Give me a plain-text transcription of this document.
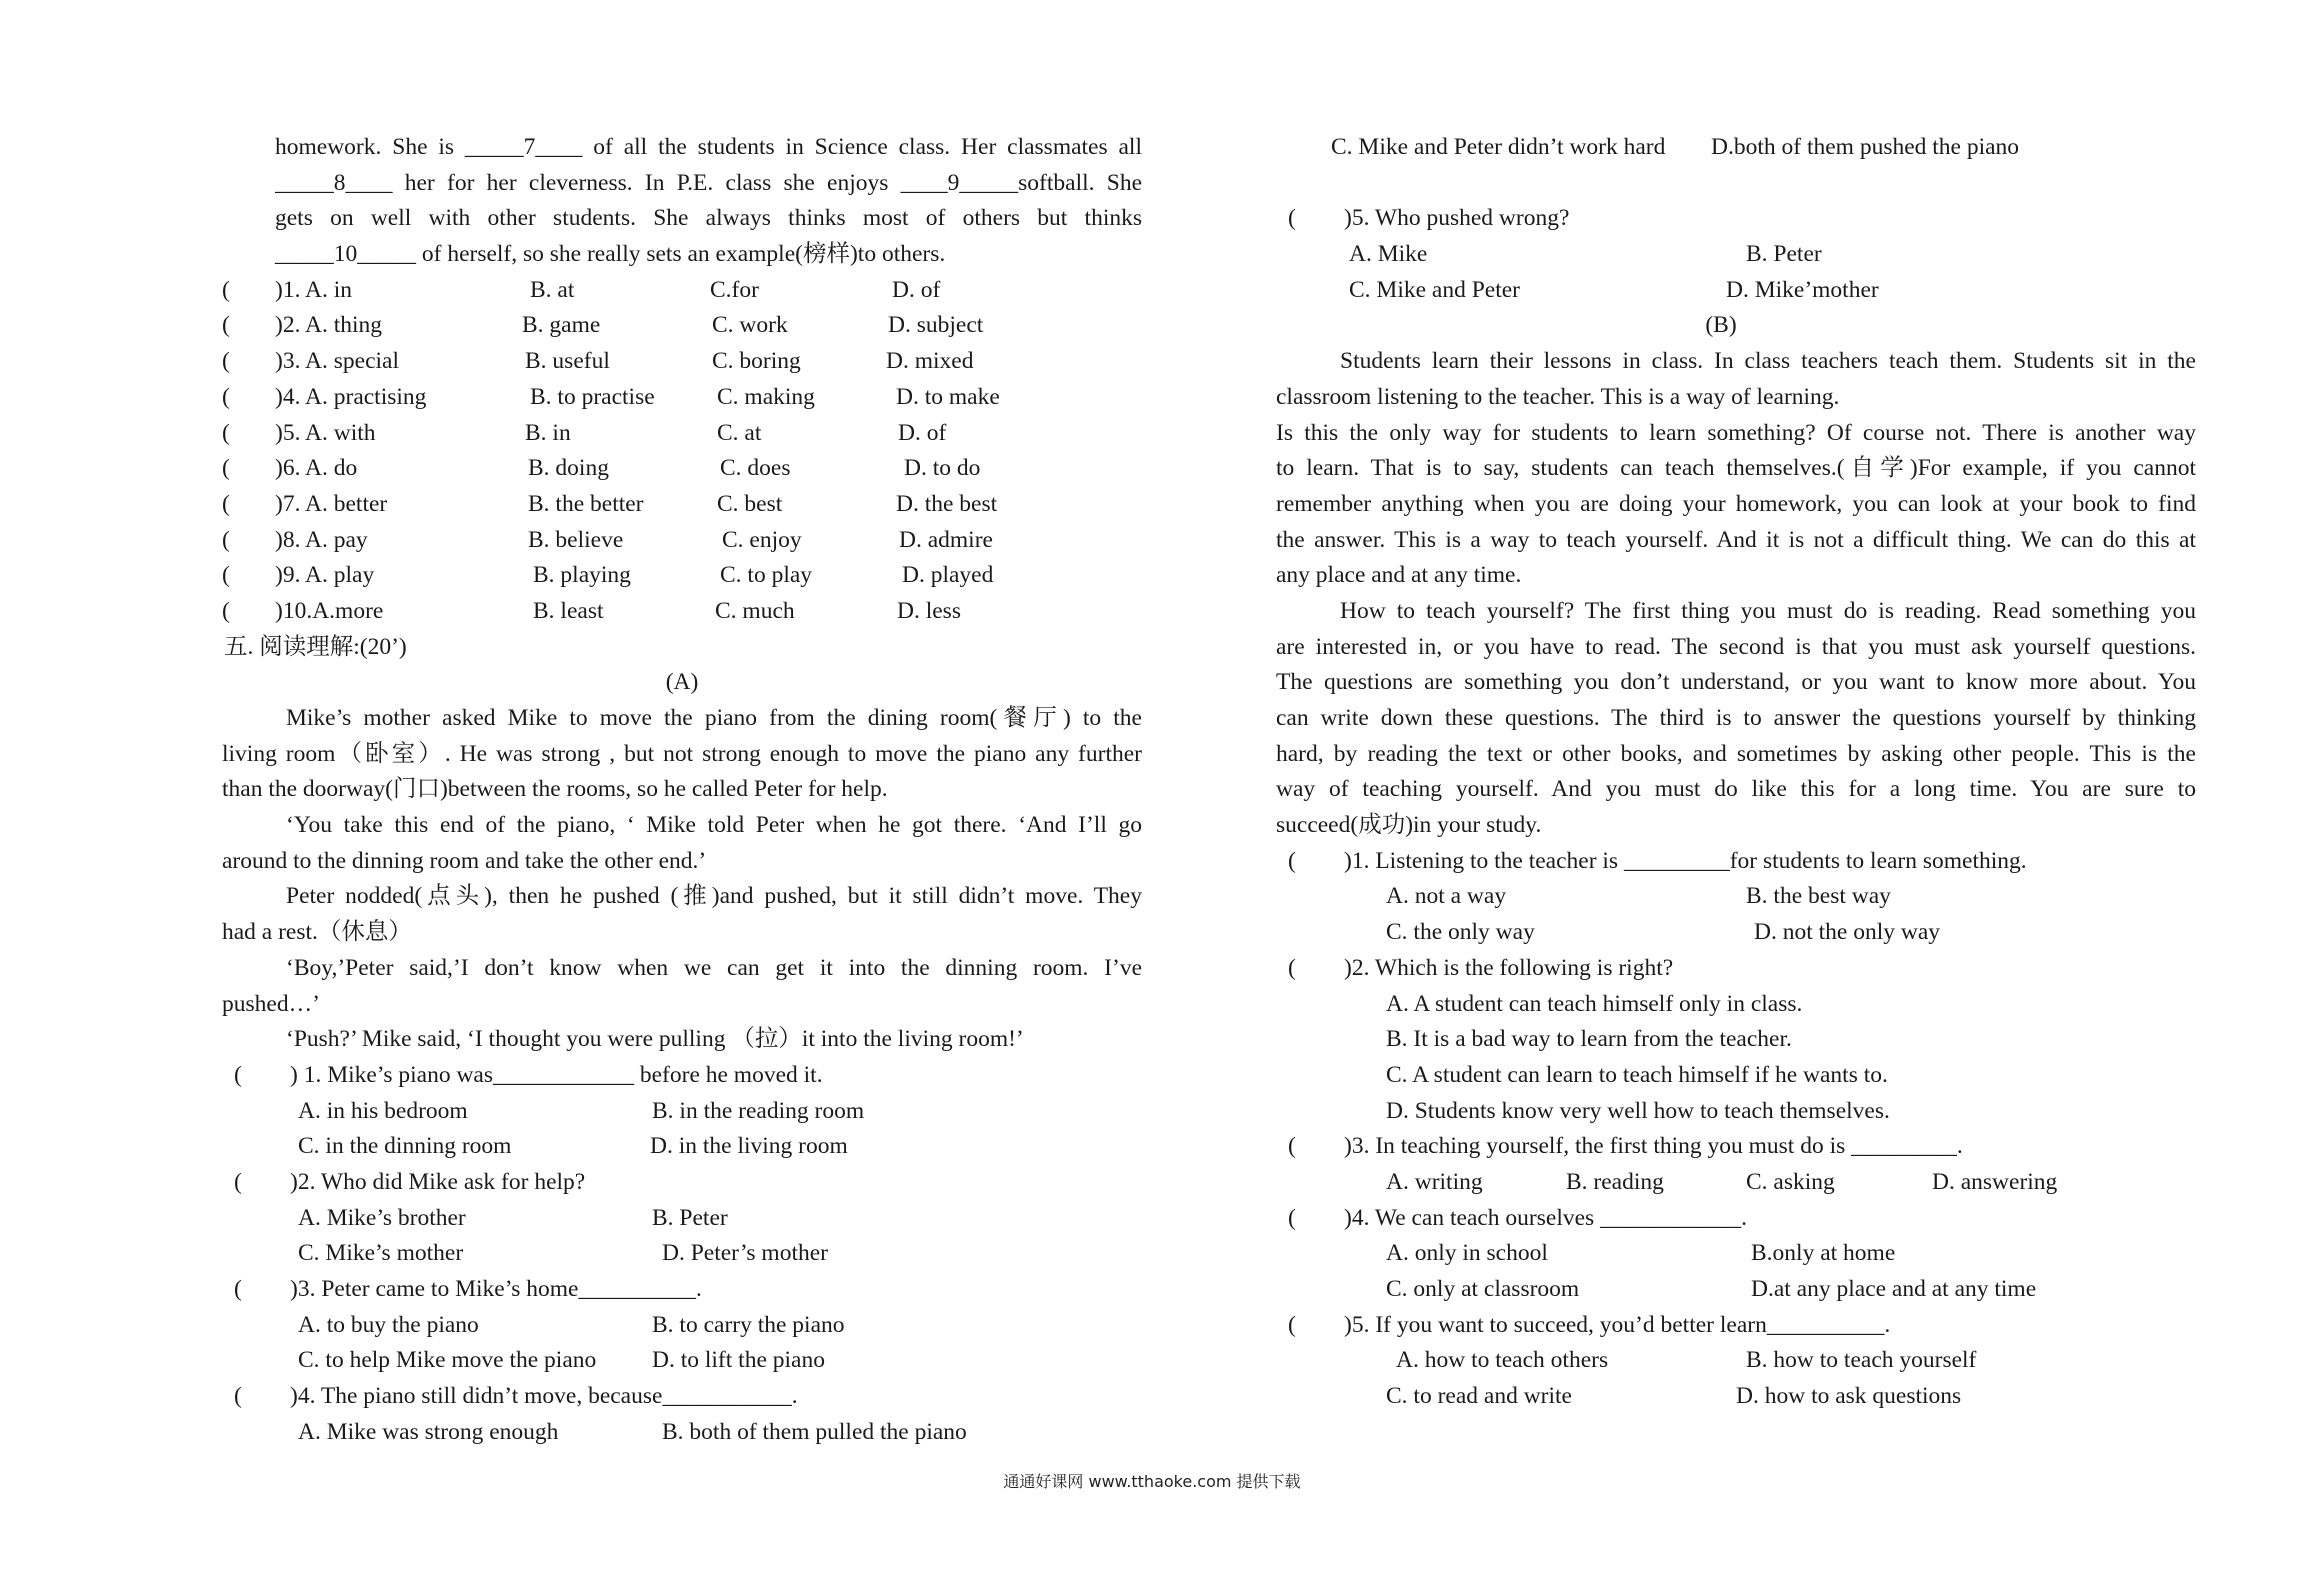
homework. She is _____7____ of all the students in Science class. Her classmates all
_____8____ her for her cleverness. In P.E. class she enjoys ____9_____softball. She
gets on well with other students. She always thinks most of others but thinks
_____10_____ of herself, so she really sets an example(榜样)to others.
( )1. A. in	B. at	C.for	D. of
( )2. A. thing	B. game	C. work	D. subject
( )3. A. special	B. useful	C. boring	D. mixed
( )4. A. practising	B. to practise	C. making	D. to make
( )5. A. with	B. in	C. at	D. of
( )6. A. do	B. doing	C. does	D. to do
( )7. A. better	B. the better	C. best	D. the best
( )8. A. pay	B. believe	C. enjoy	D. admire
( )9. A. play	B. playing	C. to play	D. played
( )10.A.more	B. least	C. much	D. less
五. 阅读理解:(20’)
(A)
Mike’s mother asked Mike to move the piano from the dining room(餐厅) to the
living room（卧室）. He was strong , but not strong enough to move the piano any further
than the doorway(门口)between the rooms, so he called Peter for help.
‘You take this end of the piano, ‘ Mike told Peter when he got there. ‘And I’ll go
around to the dinning room and take the other end.’
Peter nodded(点头), then he pushed (推)and pushed, but it still didn’t move. They
had a rest.（休息）
‘Boy,’Peter said,’I don’t know when we can get it into the dinning room. I’ve
pushed…’
‘Push?’ Mike said, ‘I thought you were pulling （拉）it into the living room!’
( ) 1. Mike’s piano was____________ before he moved it.
A. in his bedroom	B. in the reading room
C. in the dinning room	D. in the living room
( )2. Who did Mike ask for help?
A. Mike’s brother	B. Peter
C. Mike’s mother	D. Peter’s mother
( )3. Peter came to Mike’s home__________.
A. to buy the piano	B. to carry the piano
C. to help Mike move the piano D. to lift the piano
( )4. The piano still didn’t move, because___________.
A. Mike was strong enough	B. both of them pulled the piano
C. Mike and Peter didn’t work hard D.both of them pushed the piano
( )5. Who pushed wrong?
A. Mike	B. Peter
C. Mike and Peter	D. Mike’mother
(B)
Students learn their lessons in class. In class teachers teach them. Students sit in the
classroom listening to the teacher. This is a way of learning.
Is this the only way for students to learn something? Of course not. There is another way
to learn. That is to say, students can teach themselves.(自学)For example, if you cannot
remember anything when you are doing your homework, you can look at your book to find
the answer. This is a way to teach yourself. And it is not a difficult thing. We can do this at
any place and at any time.
How to teach yourself? The first thing you must do is reading. Read something you
are interested in, or you have to read. The second is that you must ask yourself questions.
The questions are something you don’t understand, or you want to know more about. You
can write down these questions. The third is to answer the questions yourself by thinking
hard, by reading the text or other books, and sometimes by asking other people. This is the
way of teaching yourself. And you must do like this for a long time. You are sure to
succeed(成功)in your study.
( )1. Listening to the teacher is _________for students to learn something.
A. not a way	B. the best way
C. the only way	D. not the only way
( )2. Which is the following is right?
A. A student can teach himself only in class.
B. It is a bad way to learn from the teacher.
C. A student can learn to teach himself if he wants to.
D. Students know very well how to teach themselves.
( )3. In teaching yourself, the first thing you must do is _________.
A. writing	B. reading	C. asking	D. answering
( )4. We can teach ourselves ____________.
A. only in school	B.only at home
C. only at classroom	D.at any place and at any time
( )5. If you want to succeed, you’d better learn__________.
A. how to teach others	B. how to teach yourself
C. to read and write	D. how to ask questions
通通好课网 www.tthaoke.com 提供下载
